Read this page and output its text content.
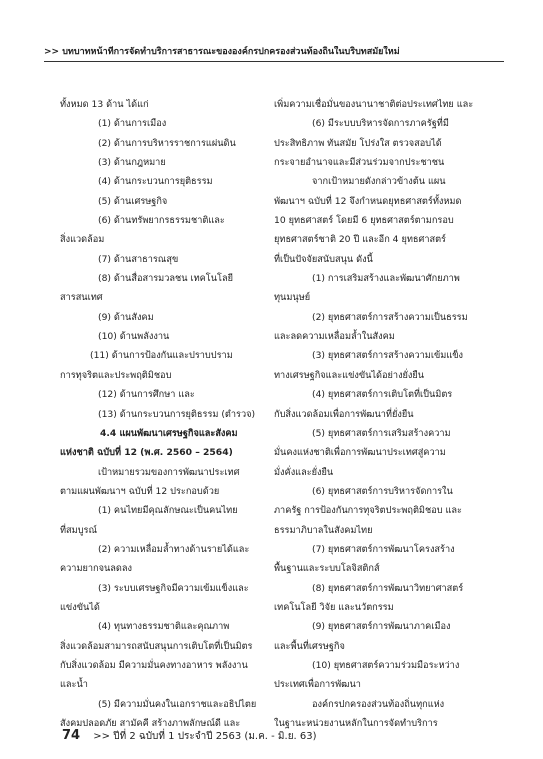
>> บทบาทหน้าที่การจัดทำบริการสาธารณะขององค์กรปกครองส่วนท้องถิ่นในบริบทสมัยใหม่
ทั้งหมด 13 ด้าน ได้แก่
(1) ด้านการเมือง
(2) ด้านการบริหารราชการแผ่นดิน
(3) ด้านกฎหมาย
(4) ด้านกระบวนการยุติธรรม
(5) ด้านเศรษฐกิจ
(6) ด้านทรัพยากรธรรมชาติและ
สิ่งแวดล้อม
(7) ด้านสาธารณสุข
(8) ด้านสื่อสารมวลชน เทคโนโลยี
สารสนเทศ
(9) ด้านสังคม
(10) ด้านพลังงาน
(11) ด้านการป้องกันและปราบปราม
การทุจริตและประพฤติมิชอบ
(12) ด้านการศึกษา และ
(13) ด้านกระบวนการยุติธรรม (ตำรวจ)
4.4 แผนพัฒนาเศรษฐกิจและสังคม
แห่งชาติ ฉบับที่ 12 (พ.ศ. 2560 – 2564)
เป้าหมายรวมของการพัฒนาประเทศ
ตามแผนพัฒนาฯ ฉบับที่ 12 ประกอบด้วย
(1) คนไทยมีคุณลักษณะเป็นคนไทย
ที่สมบูรณ์
(2) ความเหลื่อมล้ำทางด้านรายได้และ
ความยากจนลดลง
(3) ระบบเศรษฐกิจมีความเข้มแข็งและ
แข่งขันได้
(4) ทุนทางธรรมชาติและคุณภาพ
สิ่งแวดล้อมสามารถสนับสนุนการเติบโตที่เป็นมิตร
กับสิ่งแวดล้อม มีความมั่นคงทางอาหาร พลังงาน
และน้ำ
(5) มีความมั่นคงในเอกราชและอธิปไตย
สังคมปลอดภัย สามัคคี สร้างภาพลักษณ์ดี และ
เพิ่มความเชื่อมั่นของนานาชาติต่อประเทศไทย และ
(6) มีระบบบริหารจัดการภาครัฐที่มี
ประสิทธิภาพ ทันสมัย โปร่งใส ตรวจสอบได้
กระจายอำนาจและมีส่วนร่วมจากประชาชน
จากเป้าหมายดังกล่าวข้างต้น แผน
พัฒนาฯ ฉบับที่ 12 จึงกำหนดยุทธศาสตร์ทั้งหมด
10 ยุทธศาสตร์ โดยมี 6 ยุทธศาสตร์ตามกรอบ
ยุทธศาสตร์ชาติ 20 ปี และอีก 4 ยุทธศาสตร์
ที่เป็นปัจจัยสนับสนุน ดังนี้
(1) การเสริมสร้างและพัฒนาศักยภาพ
ทุนมนุษย์
(2) ยุทธศาสตร์การสร้างความเป็นธรรม
และลดความเหลื่อมล้ำในสังคม
(3) ยุทธศาสตร์การสร้างความเข้มแข็ง
ทางเศรษฐกิจและแข่งขันได้อย่างยั่งยืน
(4) ยุทธศาสตร์การเติบโตที่เป็นมิตร
กับสิ่งแวดล้อมเพื่อการพัฒนาที่ยั่งยืน
(5) ยุทธศาสตร์การเสริมสร้างความ
มั่นคงแห่งชาติเพื่อการพัฒนาประเทศสู่ความ
มั่งคั่งและยั่งยืน
(6) ยุทธศาสตร์การบริหารจัดการใน
ภาครัฐ การป้องกันการทุจริตประพฤติมิชอบ และ
ธรรมาภิบาลในสังคมไทย
(7) ยุทธศาสตร์การพัฒนาโครงสร้าง
พื้นฐานและระบบโลจิสติกส์
(8) ยุทธศาสตร์การพัฒนาวิทยาศาสตร์
เทคโนโลยี วิจัย และนวัตกรรม
(9) ยุทธศาสตร์การพัฒนาภาคเมือง
และพื้นที่เศรษฐกิจ
(10) ยุทธศาสตร์ความร่วมมือระหว่าง
ประเทศเพื่อการพัฒนา
องค์กรปกครองส่วนท้องถิ่นทุกแห่ง
ในฐานะหน่วยงานหลักในการจัดทำบริการ
74 >> ปีที่ 2 ฉบับที่ 1 ประจำปี 2563 (ม.ค. - มิ.ย. 63)
